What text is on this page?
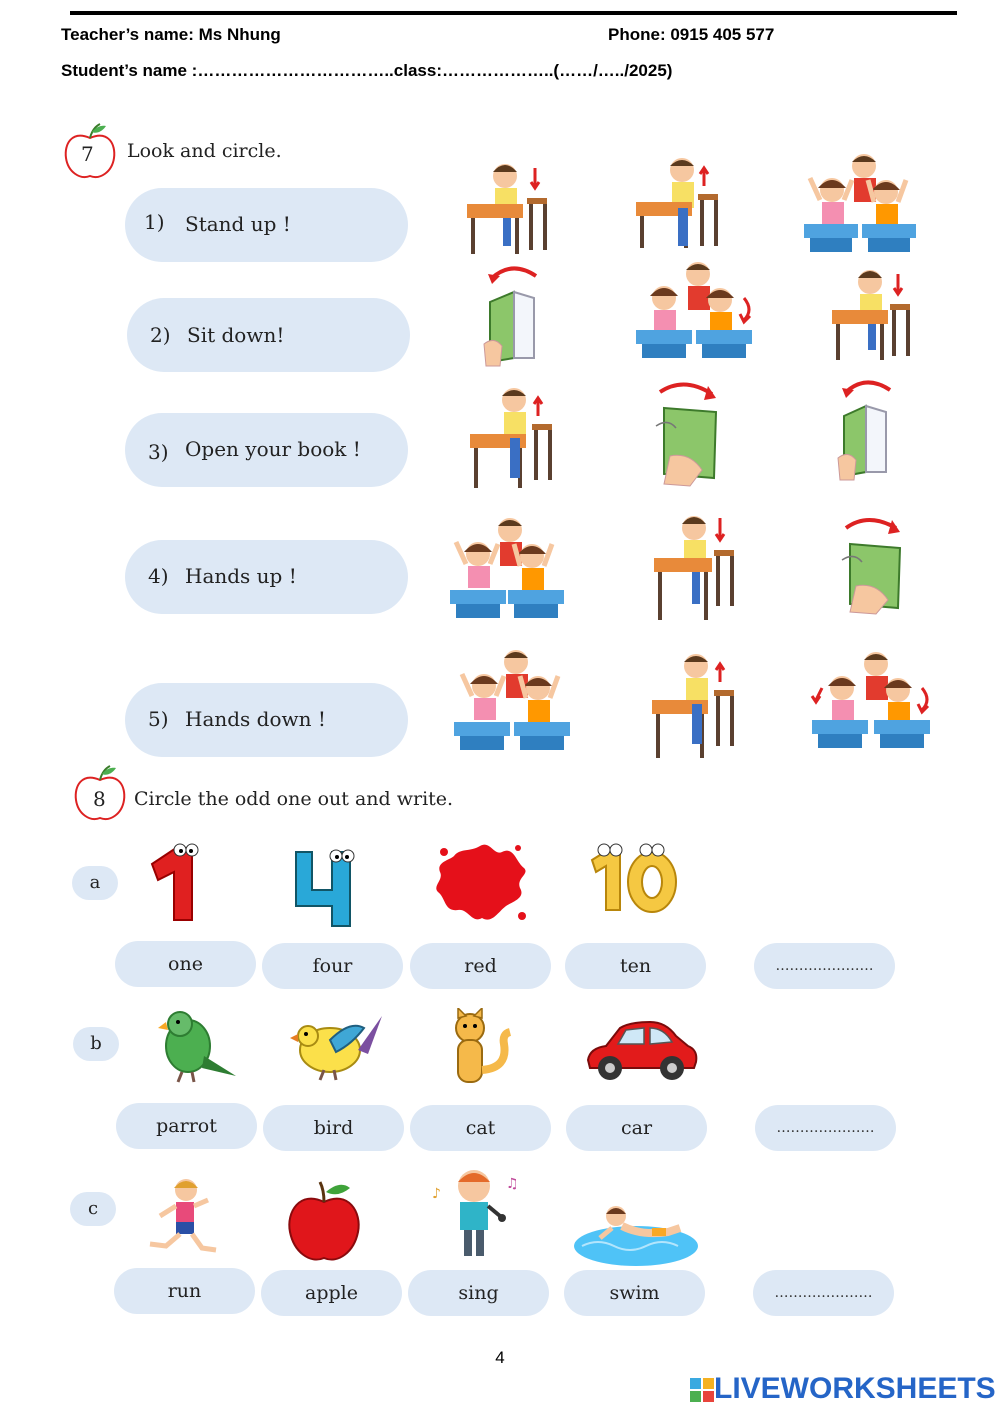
Teacher’s name: Ms Nhung	Phone: 0915 405 577
Student’s name :……………………………..class:………………..(……/…../2025)
7 Look and circle.
1) Stand up !
2) Sit down!
3) Open your book !
4) Hands up !
5) Hands down !
8 Circle the odd one out and write.
a
one	four	red	ten	…………………
b
parrot	bird	cat	car	…………………
c
♪
♫
run	apple	sing	swim	…………………
4
LIVEWORKSHEETS
